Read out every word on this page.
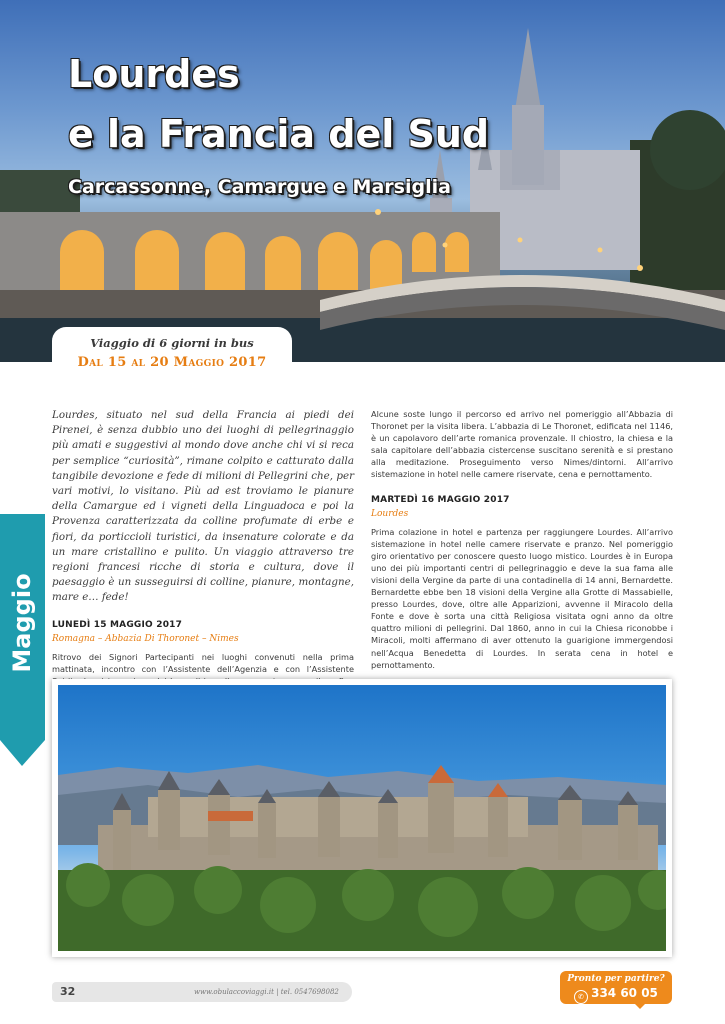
Lourdes
e la Francia del Sud
Carcassonne, Camargue e Marsiglia
Viaggio di 6 giorni in bus
Dal 15 al 20 Maggio 2017
Maggio

Lourdes, situato nel sud della Francia ai piedi dei Pirenei, è senza dubbio uno dei luoghi di pellegrinaggio più amati e suggestivi al mondo dove anche chi vi si reca per semplice “curiosità”, rimane colpito e catturato dalla tangibile devozione e fede di milioni di Pellegrini che, per vari motivi, lo visitano. Più ad est troviamo le pianure della Camargue ed i vigneti della Linguadoca e poi la Provenza caratterizzata da colline profumate di erbe e fiori, da porticcioli turistici, da insenature colorate e da un mare cristallino e pulito. Un viaggio attraverso tre regioni francesi ricche di storia e cultura, dove il paesaggio è un susseguirsi di colline, pianure, montagne, mare e… fede!

LUNEDÌ 15 MAGGIO 2017
Romagna – Abbazia Di Thoronet – Nimes

Ritrovo dei Signori Partecipanti nei luoghi convenuti nella prima mattinata, incontro con l’Assistente dell’Agenzia e con l’Assistente

Alcune soste lungo il percorso ed arrivo nel pomeriggio all’Abbazia di Thoronet per la visita libera. L’abbazia di Le Thoronet, edificata nel 1146, è un capolavoro dell’arte romanica provenzale. Il chiostro, la chiesa e la sala capitolare dell’abbazia cistercense suscitano serenità e si prestano alla meditazione. Proseguimento verso Nimes/dintorni. All’arrivo sistemazione in hotel nelle camere riservate, cena e pernottamento.

MARTEDÌ 16 MAGGIO 2017
Lourdes

Prima colazione in hotel e partenza per raggiungere Lourdes. All’arrivo sistemazione in hotel nelle camere riservate e pranzo. Nel pomeriggio giro orientativo per conoscere questo luogo mistico. Lourdes è in Europa uno dei più importanti centri di pellegrinaggio e deve la sua fama alle visioni della Vergine da parte di una contadinella di 14 anni, Bernardette. Bernardette ebbe ben 18 visioni della Vergine alla Grotte di Massabielle, presso Lourdes, dove, oltre alle Apparizioni, avvenne il Miracolo della Fonte e dove è sorta una città Religiosa visitata ogni anno da oltre quattro milioni di pellegrini. Dal 1860, anno in cui la Chiesa riconobbe i Miracoli, molti affermano di aver ottenuto la guarigione immergendosi nell’Acqua Benedetta di Lourdes. In serata cena in hotel e pernottamento.

32	www.obulaccoviaggi.it | tel. 0547698082
Pronto per partire?
✆ 334 60 05 904
